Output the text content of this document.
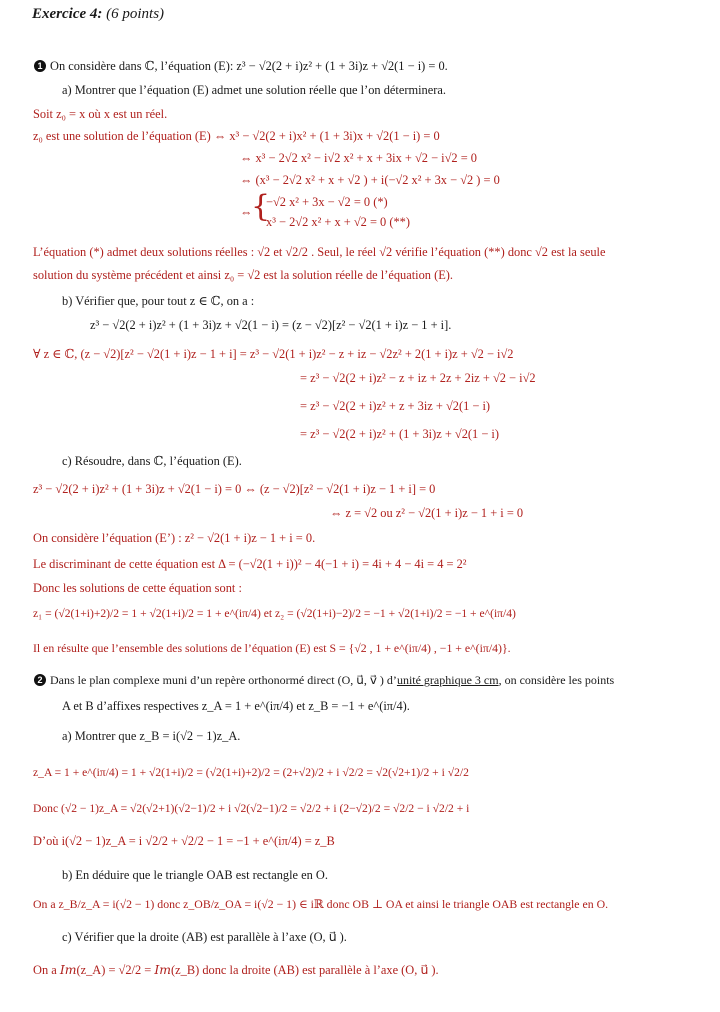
Exercice 4: (6 points)
1 On considère dans ℂ, l’équation (E): z³ − √2(2 + i)z² + (1 + 3i)z + √2(1 − i) = 0.
a) Montrer que l’équation (E) admet une solution réelle que l’on déterminera.
Soit z₀ = x où x est un réel.
z₀ est une solution de l’équation (E) ⇔ x³ − √2(2 + i)x² + (1 + 3i)x + √2(1 − i) = 0
⇔ x³ − 2√2 x² − i√2 x² + x + 3ix + √2 − i√2 = 0
⇔ (x³ − 2√2 x² + x + √2 ) + i(−√2 x² + 3x − √2 ) = 0
⇔
{
−√2 x² + 3x − √2 = 0 (*)
x³ − 2√2 x² + x + √2 = 0 (**)
L’équation (*) admet deux solutions réelles : √2 et √2/2 . Seul, le réel √2 vérifie l’équation (**) donc √2 est la seule
solution du système précédent et ainsi z₀ = √2 est la solution réelle de l’équation (E).
b) Vérifier que, pour tout z ∈ ℂ, on a :
z³ − √2(2 + i)z² + (1 + 3i)z + √2(1 − i) = (z − √2)[z² − √2(1 + i)z − 1 + i].
∀ z ∈ ℂ, (z − √2)[z² − √2(1 + i)z − 1 + i] = z³ − √2(1 + i)z² − z + iz − √2z² + 2(1 + i)z + √2 − i√2
= z³ − √2(2 + i)z² − z + iz + 2z + 2iz + √2 − i√2
= z³ − √2(2 + i)z² + z + 3iz + √2(1 − i)
= z³ − √2(2 + i)z² + (1 + 3i)z + √2(1 − i)
c) Résoudre, dans ℂ, l’équation (E).
z³ − √2(2 + i)z² + (1 + 3i)z + √2(1 − i) = 0 ⇔ (z − √2)[z² − √2(1 + i)z − 1 + i] = 0
⇔ z = √2 ou z² − √2(1 + i)z − 1 + i = 0
On considère l’équation (E’) : z² − √2(1 + i)z − 1 + i = 0.
Le discriminant de cette équation est Δ = (−√2(1 + i))² − 4(−1 + i) = 4i + 4 − 4i = 4 = 2²
Donc les solutions de cette équation sont :
z₁ = (√2(1+i)+2)/2 = 1 + √2(1+i)/2 = 1 + e^(iπ/4) et z₂ = (√2(1+i)−2)/2 = −1 + √2(1+i)/2 = −1 + e^(iπ/4)
Il en résulte que l’ensemble des solutions de l’équation (E) est S = {√2 , 1 + e^(iπ/4) , −1 + e^(iπ/4)}.
2 Dans le plan complexe muni d’un repère orthonormé direct (O, u⃗, v⃗ ) d’unité graphique 3 cm, on considère les points
A et B d’affixes respectives z_A = 1 + e^(iπ/4) et z_B = −1 + e^(iπ/4).
a) Montrer que z_B = i(√2 − 1)z_A.
z_A = 1 + e^(iπ/4) = 1 + √2(1+i)/2 = (√2(1+i)+2)/2 = (2+√2)/2 + i √2/2 = √2(√2+1)/2 + i √2/2
Donc (√2 − 1)z_A = √2(√2+1)(√2−1)/2 + i √2(√2−1)/2 = √2/2 + i (2−√2)/2 = √2/2 − i √2/2 + i
D’où i(√2 − 1)z_A = i √2/2 + √2/2 − 1 = −1 + e^(iπ/4) = z_B
b) En déduire que le triangle OAB est rectangle en O.
On a z_B/z_A = i(√2 − 1) donc z_OB/z_OA = i(√2 − 1) ∈ iℝ donc OB ⊥ OA et ainsi le triangle OAB est rectangle en O.
c) Vérifier que la droite (AB) est parallèle à l’axe (O, u⃗ ).
On a 𝐼𝑚(z_A) = √2/2 = 𝐼𝑚(z_B) donc la droite (AB) est parallèle à l’axe (O, u⃗ ).
